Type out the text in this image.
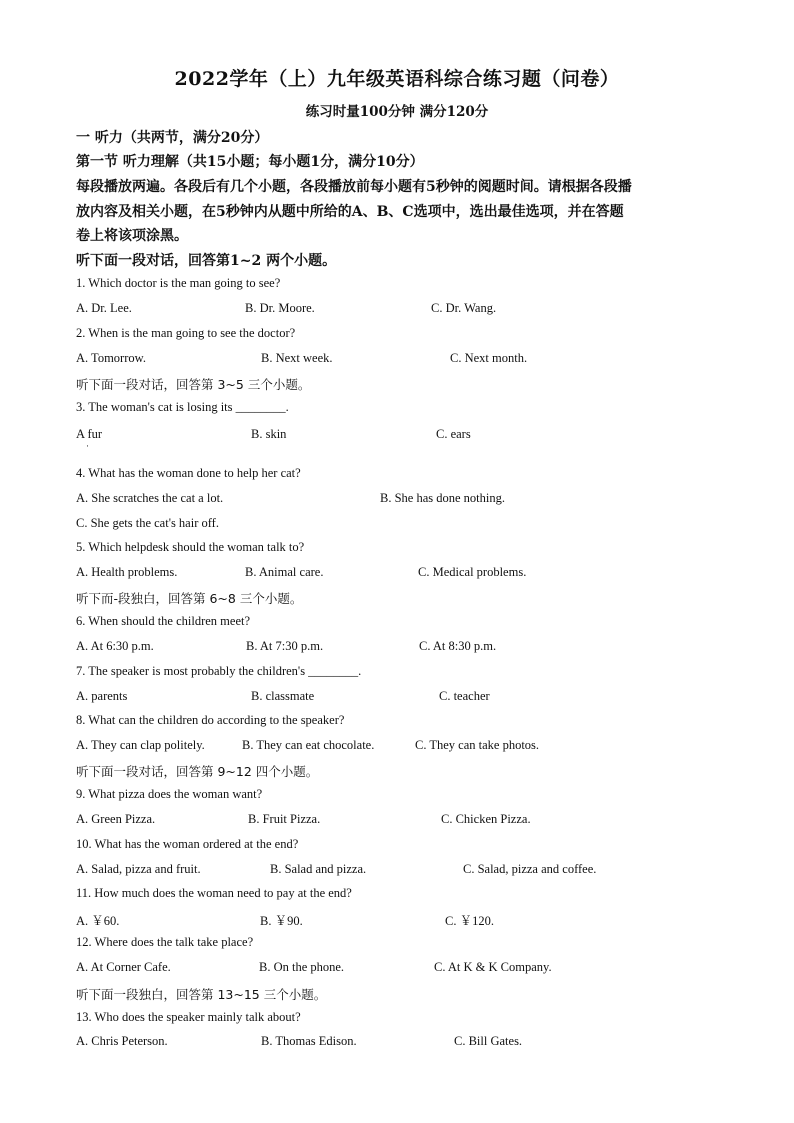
2022学年（上）九年级英语科综合练习题（问卷）
练习时量100分钟 满分120分
一 听力（共两节，满分20分）
第一节 听力理解（共15小题；每小题1分，满分10分）
每段播放两遍。各段后有几个小题，各段播放前每小题有5秒钟的阅题时间。请根据各段播
放内容及相关小题，在5秒钟内从题中所给的A、B、C选项中，选出最佳选项，并在答题
卷上将该项涂黑。
听下面一段对话，回答第1~2 两个小题。
1. Which doctor is the man going to see?
A. Dr. Lee.	B. Dr. Moore.	C. Dr. Wang.
2. When is the man going to see the doctor?
A. Tomorrow.	B. Next week.	C. Next month.
听下面一段对话，回答第 3~5 三个小题。
3. The woman's cat is losing its ________.
A fur	B. skin	C. ears
·
4. What has the woman done to help her cat?
A. She scratches the cat a lot.	B. She has done nothing.
C. She gets the cat's hair off.
5. Which helpdesk should the woman talk to?
A. Health problems.	B. Animal care.	C. Medical problems.
听下而-段独白，回答第 6~8 三个小题。
6. When should the children meet?
A. At 6:30 p.m.	B. At 7:30 p.m.	C. At 8:30 p.m.
7. The speaker is most probably the children's ________.
A. parents	B. classmate	C. teacher
8. What can the children do according to the speaker?
A. They can clap politely.	B. They can eat chocolate.	C. They can take photos.
听下面一段对话，回答第 9~12 四个小题。
9. What pizza does the woman want?
A. Green Pizza.	B. Fruit Pizza.	C. Chicken Pizza.
10. What has the woman ordered at the end?
A. Salad, pizza and fruit.	B. Salad and pizza.	C. Salad, pizza and coffee.
11. How much does the woman need to pay at the end?
A. ￥60.	B. ￥90.	C. ￥120.
12. Where does the talk take place?
A. At Corner Cafe.	B. On the phone.	C. At K & K Company.
听下面一段独白，回答第 13~15 三个小题。
13. Who does the speaker mainly talk about?
A. Chris Peterson.	B. Thomas Edison.	C. Bill Gates.
